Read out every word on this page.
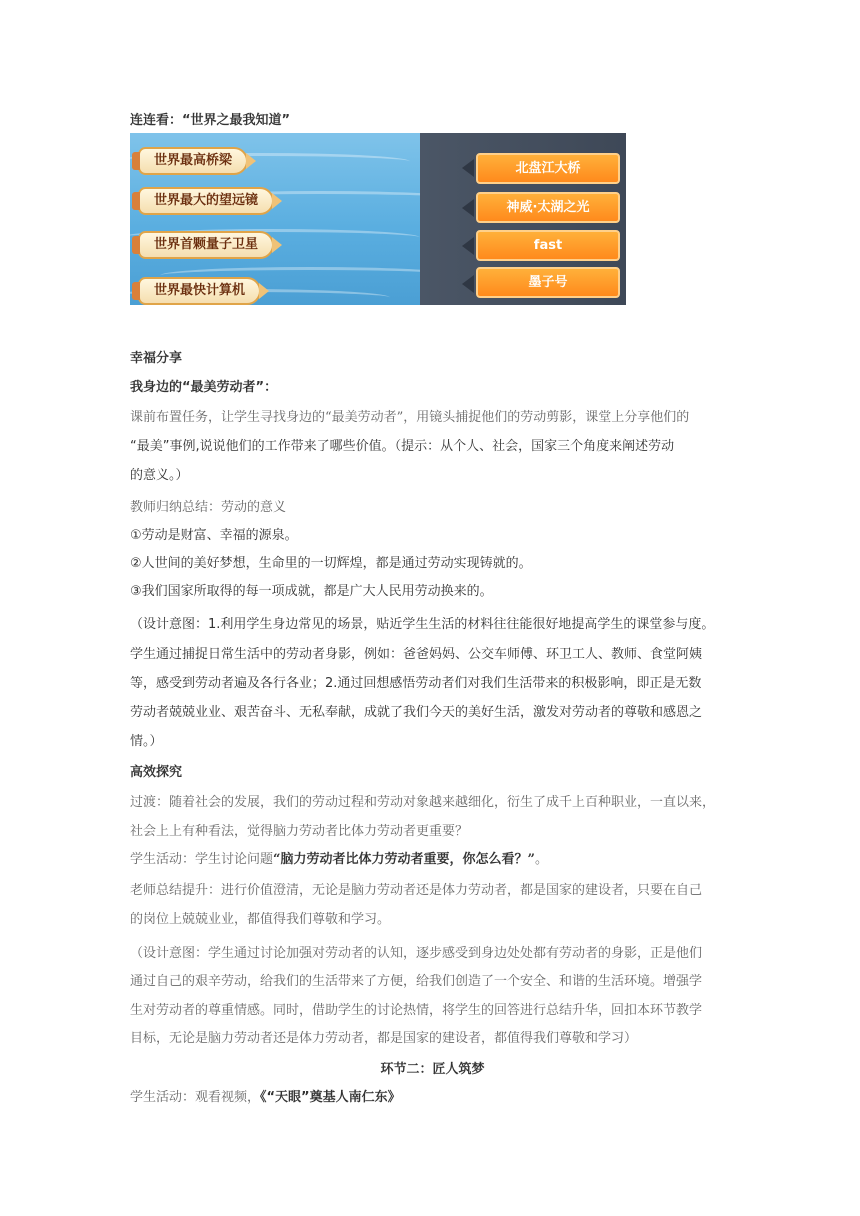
连连看：“世界之最我知道”
世界最高桥梁
世界最大的望远镜
世界首颗量子卫星
世界最快计算机
北盘江大桥
神威·太湖之光
fast
墨子号
幸福分享
我身边的“最美劳动者”：
课前布置任务，让学生寻找身边的“最美劳动者”，用镜头捕捉他们的劳动剪影，课堂上分享他们的
“最美”事例,说说他们的工作带来了哪些价值。（提示：从个人、社会，国家三个角度来阐述劳动
的意义。）
教师归纳总结：劳动的意义
①劳动是财富、幸福的源泉。
②人世间的美好梦想，生命里的一切辉煌，都是通过劳动实现铸就的。
③我们国家所取得的每一项成就，都是广大人民用劳动换来的。
（设计意图：1.利用学生身边常见的场景，贴近学生生活的材料往往能很好地提高学生的课堂参与度。
学生通过捕捉日常生活中的劳动者身影，例如：爸爸妈妈、公交车师傅、环卫工人、教师、食堂阿姨
等，感受到劳动者遍及各行各业；2.通过回想感悟劳动者们对我们生活带来的积极影响，即正是无数
劳动者兢兢业业、艰苦奋斗、无私奉献，成就了我们今天的美好生活，激发对劳动者的尊敬和感恩之
情。）
高效探究
过渡：随着社会的发展，我们的劳动过程和劳动对象越来越细化，衍生了成千上百种职业，一直以来，
社会上上有种看法，觉得脑力劳动者比体力劳动者更重要？
学生活动：学生讨论问题“脑力劳动者比体力劳动者重要，你怎么看？”。
老师总结提升：进行价值澄清，无论是脑力劳动者还是体力劳动者，都是国家的建设者，只要在自己
的岗位上兢兢业业，都值得我们尊敬和学习。
（设计意图：学生通过讨论加强对劳动者的认知，逐步感受到身边处处都有劳动者的身影，正是他们
通过自己的艰辛劳动，给我们的生活带来了方便，给我们创造了一个安全、和谐的生活环境。增强学
生对劳动者的尊重情感。同时，借助学生的讨论热情，将学生的回答进行总结升华，回扣本环节教学
目标，无论是脑力劳动者还是体力劳动者，都是国家的建设者，都值得我们尊敬和学习）
环节二：匠人筑梦
学生活动：观看视频，《“天眼”奠基人南仁东》
